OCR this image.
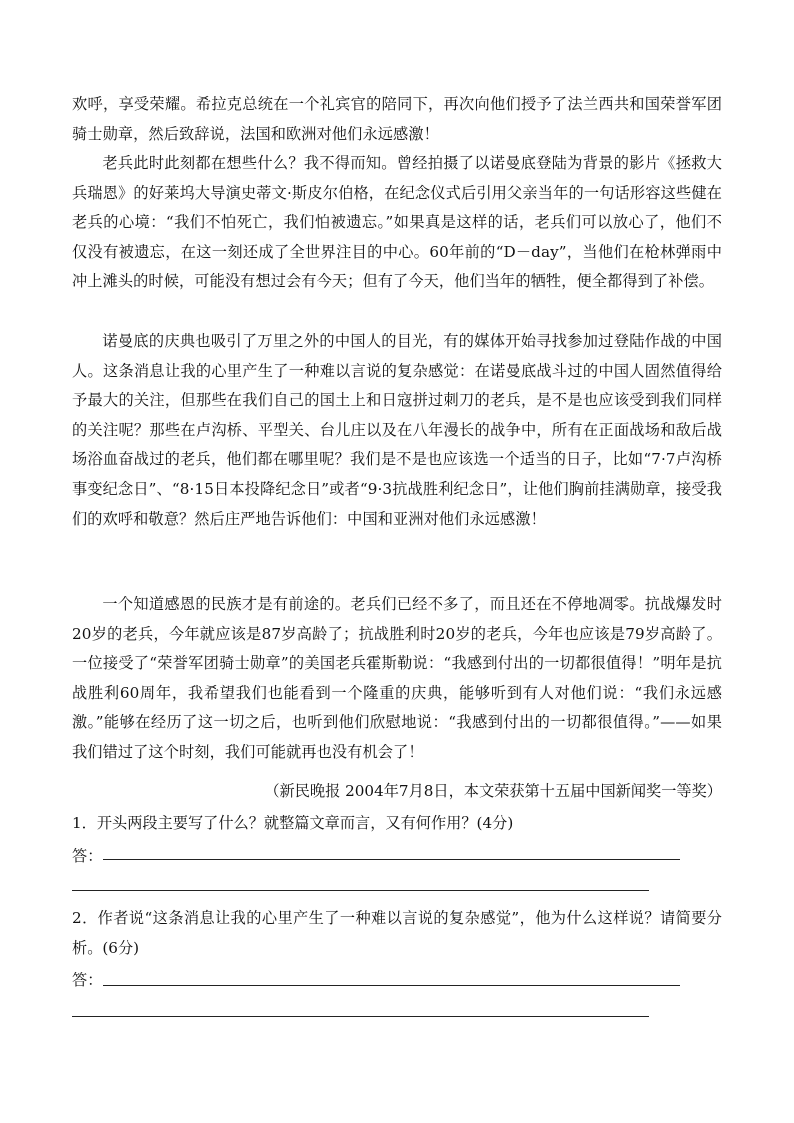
欢呼，享受荣耀。希拉克总统在一个礼宾官的陪同下，再次向他们授予了法兰西共和国荣誉军团骑士勋章，然后致辞说，法国和欧洲对他们永远感激！

老兵此时此刻都在想些什么？我不得而知。曾经拍摄了以诺曼底登陆为背景的影片《拯救大兵瑞恩》的好莱坞大导演史蒂文·斯皮尔伯格，在纪念仪式后引用父亲当年的一句话形容这些健在老兵的心境：“我们不怕死亡，我们怕被遗忘。”如果真是这样的话，老兵们可以放心了，他们不仅没有被遗忘，在这一刻还成了全世界注目的中心。60年前的“D－day”，当他们在枪林弹雨中冲上滩头的时候，可能没有想过会有今天；但有了今天，他们当年的牺牲，便全都得到了补偿。

诺曼底的庆典也吸引了万里之外的中国人的目光，有的媒体开始寻找参加过登陆作战的中国人。这条消息让我的心里产生了一种难以言说的复杂感觉：在诺曼底战斗过的中国人固然值得给予最大的关注，但那些在我们自己的国土上和日寇拼过刺刀的老兵，是不是也应该受到我们同样的关注呢？那些在卢沟桥、平型关、台儿庄以及在八年漫长的战争中，所有在正面战场和敌后战场浴血奋战过的老兵，他们都在哪里呢？我们是不是也应该选一个适当的日子，比如“7·7卢沟桥事变纪念日”、“8·15日本投降纪念日”或者“9·3抗战胜利纪念日”，让他们胸前挂满勋章，接受我们的欢呼和敬意？然后庄严地告诉他们：中国和亚洲对他们永远感激！

一个知道感恩的民族才是有前途的。老兵们已经不多了，而且还在不停地凋零。抗战爆发时20岁的老兵，今年就应该是87岁高龄了；抗战胜利时20岁的老兵，今年也应该是79岁高龄了。一位接受了“荣誉军团骑士勋章”的美国老兵霍斯勒说：“我感到付出的一切都很值得！”明年是抗战胜利60周年，我希望我们也能看到一个隆重的庆典，能够听到有人对他们说：“我们永远感激。”能够在经历了这一切之后，也听到他们欣慰地说：“我感到付出的一切都很值得。”——如果我们错过了这个时刻，我们可能就再也没有机会了！

（新民晚报 2004年7月8日，本文荣获第十五届中国新闻奖一等奖）

1．开头两段主要写了什么？就整篇文章而言，又有何作用？(4分)

答：

2．作者说“这条消息让我的心里产生了一种难以言说的复杂感觉”，他为什么这样说？请简要分析。(6分)

答：
